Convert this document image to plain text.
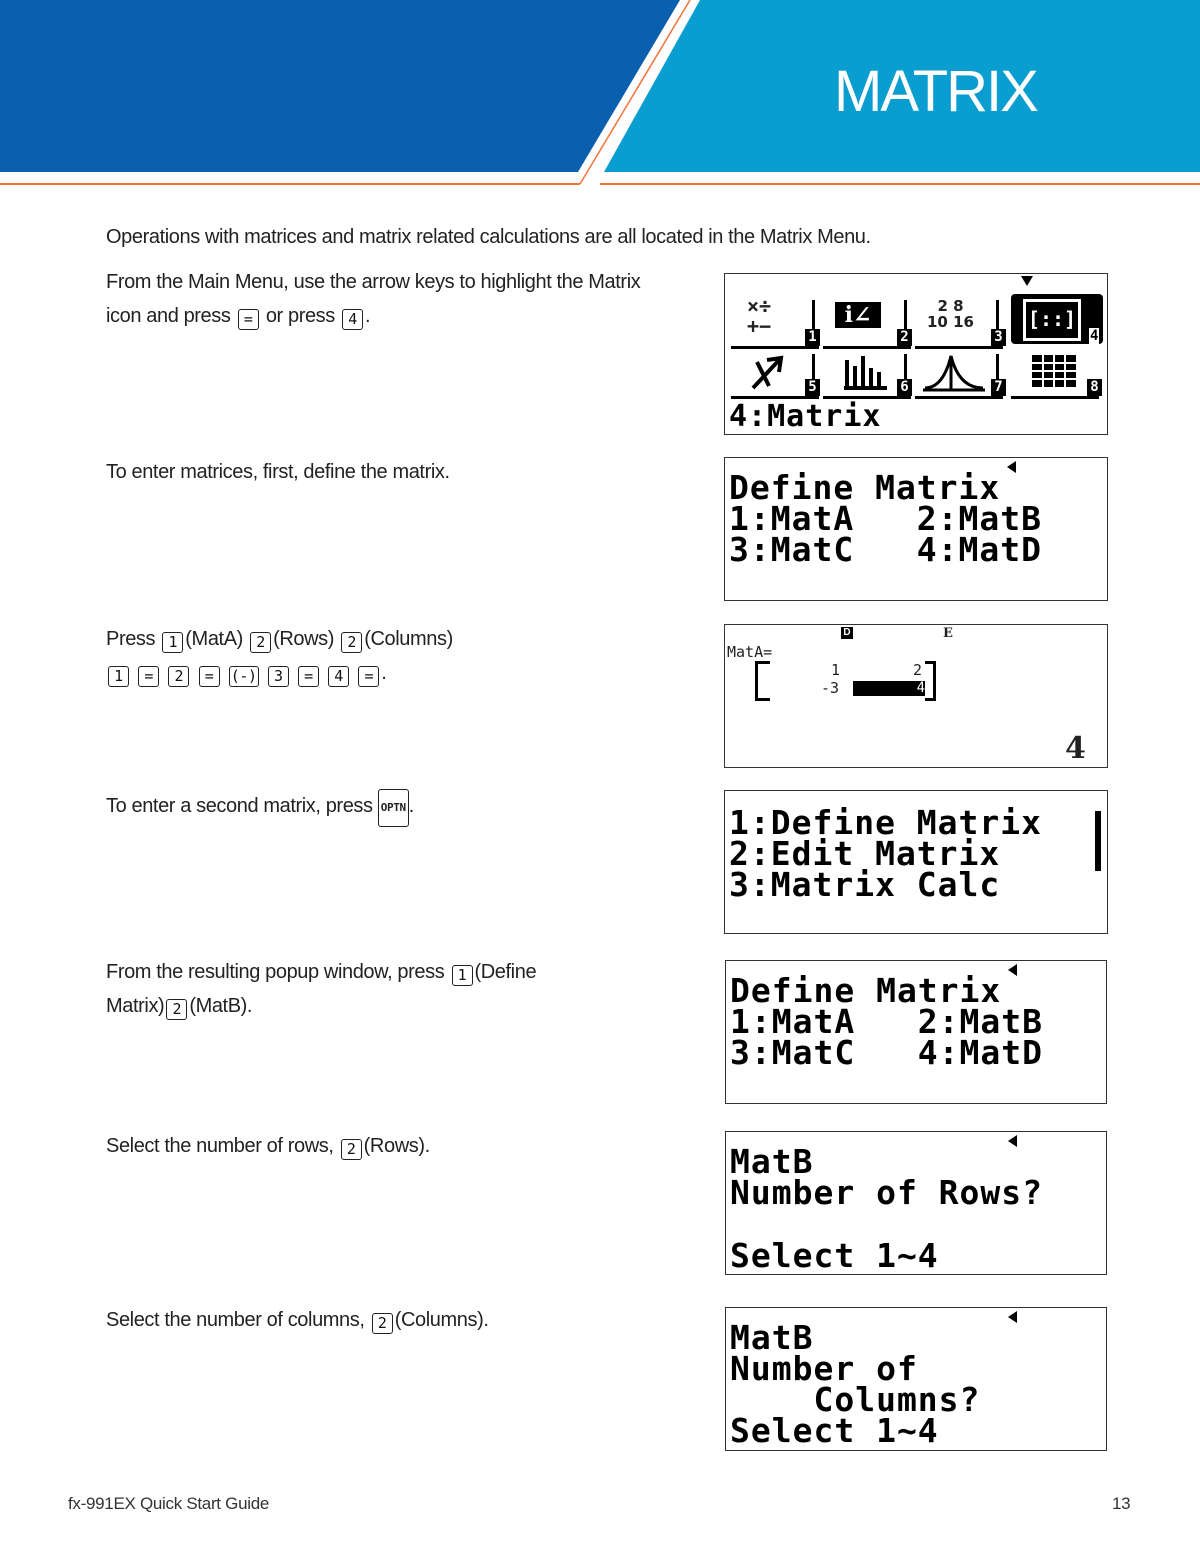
MATRIX
Operations with matrices and matrix related calculations are all located in the Matrix Menu.
From the Main Menu, use the arrow keys to highlight the Matrix
icon and press = or press 4 .
To enter matrices, first, define the matrix.
Press 1 (MatA) 2 (Rows) 2 (Columns)
1 = 2 = (-) 3 = 4 = .
To enter a second matrix, press OPTN .
From the resulting popup window, press 1 (Define
Matrix) 2 (MatB).
Select the number of rows, 2 (Rows).
Select the number of columns, 2 (Columns).
×÷
+−	1
i∠
2
2 8
10 16
3
[::]
4
5	6	7	8
4:Matrix
Define Matrix
1:MatA   2:MatB
3:MatC   4:MatD
D	E
MatA=
1	2
-3	4
4
1:Define Matrix
2:Edit Matrix
3:Matrix Calc
Define Matrix
1:MatA   2:MatB
3:MatC   4:MatD
MatB
Number of Rows?
Select 1~4
MatB
Number of
Columns?
Select 1~4
fx-991EX Quick Start Guide	13
